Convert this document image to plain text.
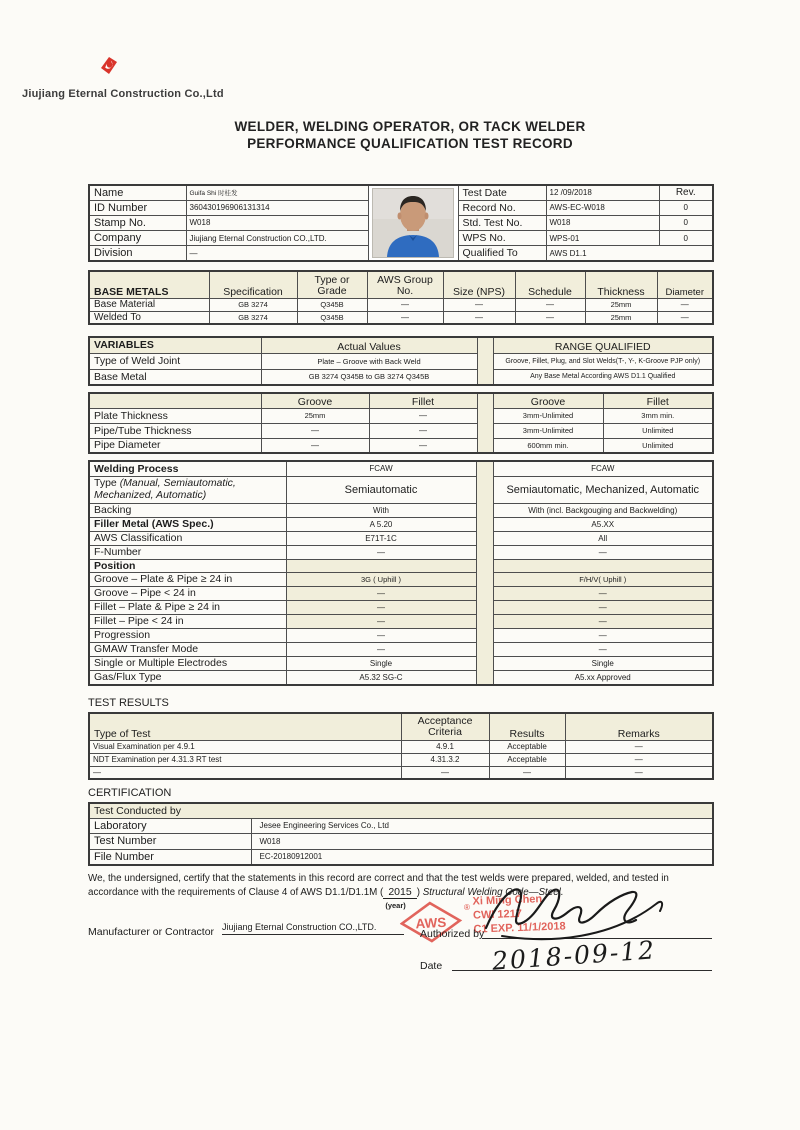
Jiujiang Eternal Construction Co.,Ltd
WELDER, WELDING OPERATOR, OR TACK WELDER
PERFORMANCE QUALIFICATION TEST RECORD
Name	Guifa Shi 时桂发		Test Date	12 /09/2018	Rev.
ID Number	360430196906131314		Record No.	AWS-EC-W018	0
Stamp No.	W018		Std. Test No.	W018	0
Company	Jiujiang Eternal Construction CO.,LTD.		WPS No.	WPS-01	0
Division	—		Qualified To	AWS D1.1	
BASE METALS	Specification	Type or Grade	AWS Group No.	Size (NPS)	Schedule	Thickness	Diameter
Base Material	GB 3274	Q345B	—	—	—	25mm	—
Welded To	GB 3274	Q345B	—	—	—	25mm	—
VARIABLES	Actual Values		RANGE QUALIFIED
Type of Weld Joint	Plate – Groove with Back Weld		Groove, Fillet, Plug, and Slot Welds(T-, Y-, K-Groove PJP only)
Base Metal	GB 3274 Q345B to GB 3274 Q345B		Any Base Metal According AWS D1.1 Qualified
	Groove	Fillet		Groove	Fillet
Plate Thickness	25mm	—		3mm-Unlimited	3mm min.
Pipe/Tube Thickness	—	—		3mm-Unlimited	Unlimited
Pipe Diameter	—	—		600mm min.	Unlimited
Welding Process	FCAW		FCAW
Type (Manual, Semiautomatic, Mechanized, Automatic)	Semiautomatic		Semiautomatic, Mechanized, Automatic
Backing	With		With (incl. Backgouging and Backwelding)
Filler Metal (AWS Spec.)	A 5.20		A5.XX
AWS Classification	E71T-1C		All
F-Number	—		—
Position			
Groove – Plate & Pipe ≥ 24 in	3G ( Uphill )		F/H/V( Uphill )
Groove – Pipe < 24 in	—		—
Fillet – Plate & Pipe ≥ 24 in	—		—
Fillet – Pipe < 24 in	—		—
Progression	—		—
GMAW Transfer Mode	—		—
Single or Multiple Electrodes	Single		Single
Gas/Flux Type	A5.32 SG-C		A5.xx Approved
TEST RESULTS
Type of Test	Acceptance Criteria	Results	Remarks
Visual Examination per 4.9.1	4.9.1	Acceptable	—
NDT Examination per 4.31.3 RT test	4.31.3.2	Acceptable	—
—	—	—	—
CERTIFICATION
Test Conducted by	
Laboratory	Jesee Engineering Services Co., Ltd
Test Number	W018
File Number	EC-20180912001
We, the undersigned, certify that the statements in this record are correct and that the test welds were prepared, welded, and tested in accordance with the requirements of Clause 4 of AWS D1.1/D1.1M ( 2015
(year)
) Structural Welding Code—Steel.
AWS
® Xi Ming Chen
CWI 1217
C1 EXP. 11/1/2018
Manufacturer or Contractor Jiujiang Eternal Construction CO.,LTD.
Authorized by
Date 2018-09-12
